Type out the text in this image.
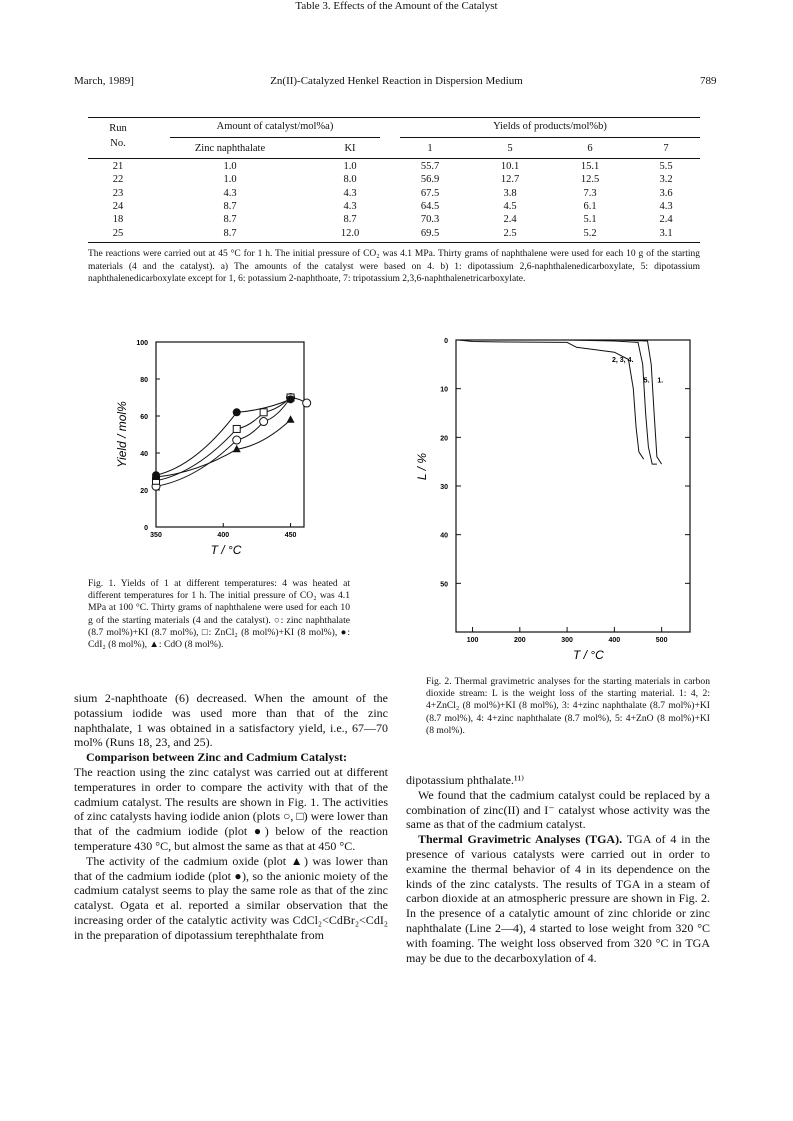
March, 1989]	Zn(II)-Catalyzed Henkel Reaction in Dispersion Medium	789
Table 3. Effects of the Amount of the Catalyst
Run
No.
Amount of catalyst/mol%a)	Yields of products/mol%b)
Zinc naphthalate	KI	1	5	6	7
21	1.0	1.0	55.7	10.1	15.1	5.5
22	1.0	8.0	56.9	12.7	12.5	3.2
23	4.3	4.3	67.5	3.8	7.3	3.6
24	8.7	4.3	64.5	4.5	6.1	4.3
18	8.7	8.7	70.3	2.4	5.1	2.4
25	8.7	12.0	69.5	2.5	5.2	3.1
The reactions were carried out at 45 °C for 1 h. The initial pressure of CO₂ was 4.1 MPa. Thirty grams of naphthalene were used for each 10 g of the starting materials (4 and the catalyst). a) The amounts of the catalyst were based on 4. b) 1: dipotassium 2,6-naphthalenedicarboxylate, 5: dipotassium naphthalenedicarboxylate except for 1, 6: potassium 2-naphthoate, 7: tripotassium 2,3,6-naphthalenetricarboxylate.
0
20
40
60
80
100
350	400	450
T / °C
Yield / mol%
Fig. 1. Yields of 1 at different temperatures: 4 was heated at different temperatures for 1 h. The initial pressure of CO₂ was 4.1 MPa at 100 °C. Thirty grams of naphthalene were used for each 10 g of the starting materials (4 and the catalyst). ○: zinc naphthalate (8.7 mol%)+KI (8.7 mol%), □: ZnCl₂ (8 mol%)+KI (8 mol%), ●: CdI₂ (8 mol%), ▲: CdO (8 mol%).
2, 3, 4.
5. 1.
0
10
20
30
40
50
100	200	300	400	500
T / °C
L / %
Fig. 2. Thermal gravimetric analyses for the starting materials in carbon dioxide stream: L is the weight loss of the starting material. 1: 4, 2: 4+ZnCl₂ (8 mol%)+KI (8 mol%), 3: 4+zinc naphthalate (8.7 mol%)+KI (8.7 mol%), 4: 4+zinc naphthalate (8.7 mol%), 5: 4+ZnO (8 mol%)+KI (8 mol%).

sium 2-naphthoate (6) decreased. When the amount of the potassium iodide was used more than that of the zinc naphthalate, 1 was obtained in a satisfactory yield, i.e., 67—70 mol% (Runs 18, 23, and 25).

Comparison between Zinc and Cadmium Catalyst:

The reaction using the zinc catalyst was carried out at different temperatures in order to compare the activity with that of the cadmium catalyst. The results are shown in Fig. 1. The activities of zinc catalysts having iodide anion (plots ○, □) were lower than that of the cadmium iodide (plot ●) below of the reaction temperature 430 °C, but almost the same as that at 450 °C.

The activity of the cadmium oxide (plot ▲) was lower than that of the cadmium iodide (plot ●), so the anionic moiety of the cadmium catalyst seems to play the same role as that of the zinc catalyst. Ogata et al. reported a similar observation that the increasing order of the catalytic activity was CdCl₂<CdBr₂<CdI₂ in the preparation of dipotassium terephthalate from

dipotassium phthalate.¹¹⁾

We found that the cadmium catalyst could be replaced by a combination of zinc(II) and I⁻ catalyst whose activity was the same as that of the cadmium catalyst.

Thermal Gravimetric Analyses (TGA). TGA of 4 in the presence of various catalysts were carried out in order to examine the thermal behavior of 4 in its dependence on the kinds of the zinc catalysts. The results of TGA in a steam of carbon dioxide at an atmospheric pressure are shown in Fig. 2. In the presence of a catalytic amount of zinc chloride or zinc naphthalate (Line 2—4), 4 started to lose weight from 320 °C with foaming. The weight loss observed from 320 °C in TGA may be due to the decarboxylation of 4.
